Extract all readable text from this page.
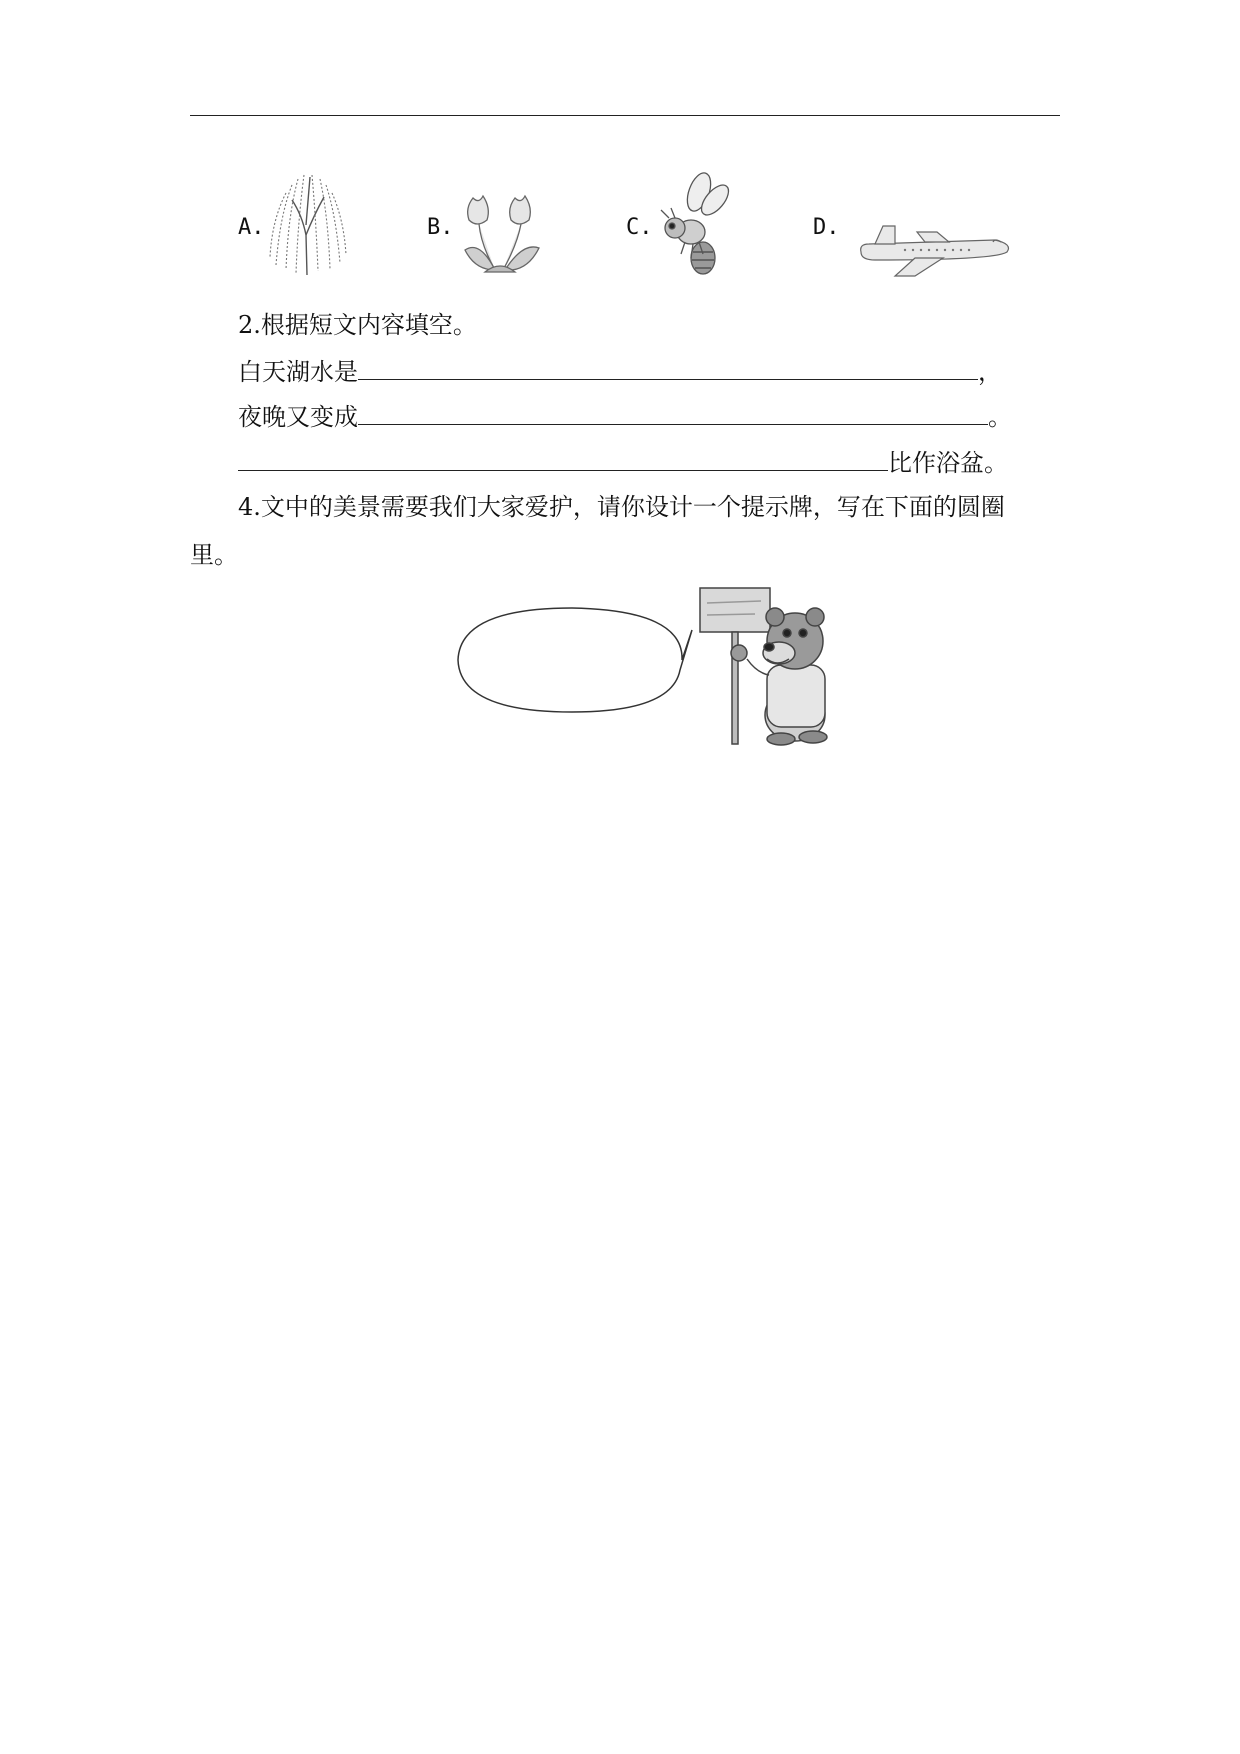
A.	B.	C.	D.
2.根据短文内容填空。
白天湖水是	，
夜晚又变成	。
比作浴盆。
4.文中的美景需要我们大家爱护，请你设计一个提示牌，写在下面的圆圈
里。
